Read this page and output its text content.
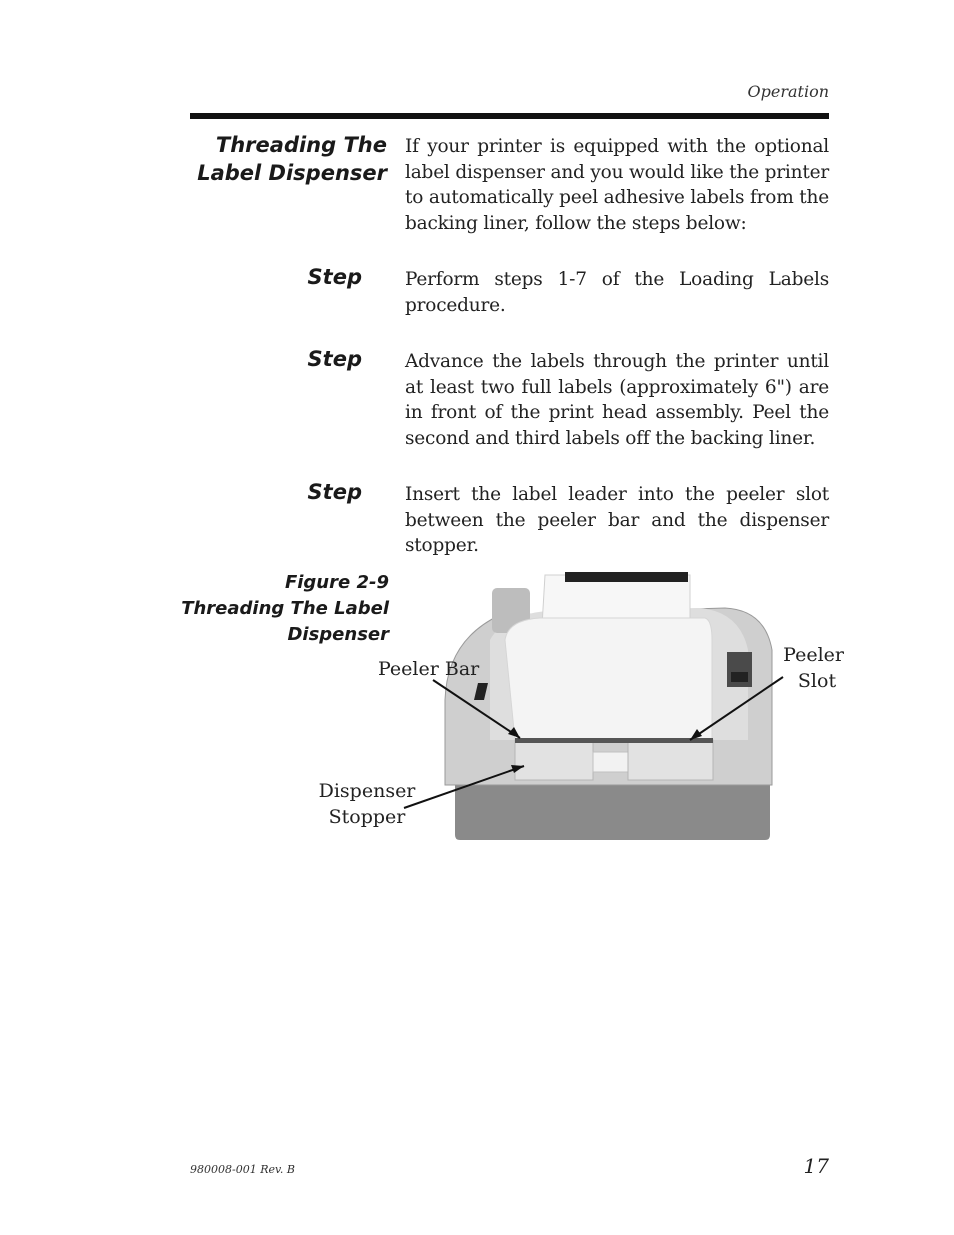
Operation
Threading The
Label Dispenser
If your printer is equipped with the optional label dispenser and you would like the printer to automatically peel adhesive labels from the backing liner, follow the steps below:
Step Perform steps 1-7 of the Loading Labels procedure.
Step Advance the labels through the printer until at least two full labels (approximately 6") are in front of the print head assembly. Peel the second and third labels off the backing liner.
Step Insert the label leader into the peeler slot between the peeler bar and the dispenser stopper.
Figure 2-9
Threading The Label
Dispenser
Peeler Bar
Peeler
Slot
Dispenser
Stopper
980008-001 Rev. B	17
